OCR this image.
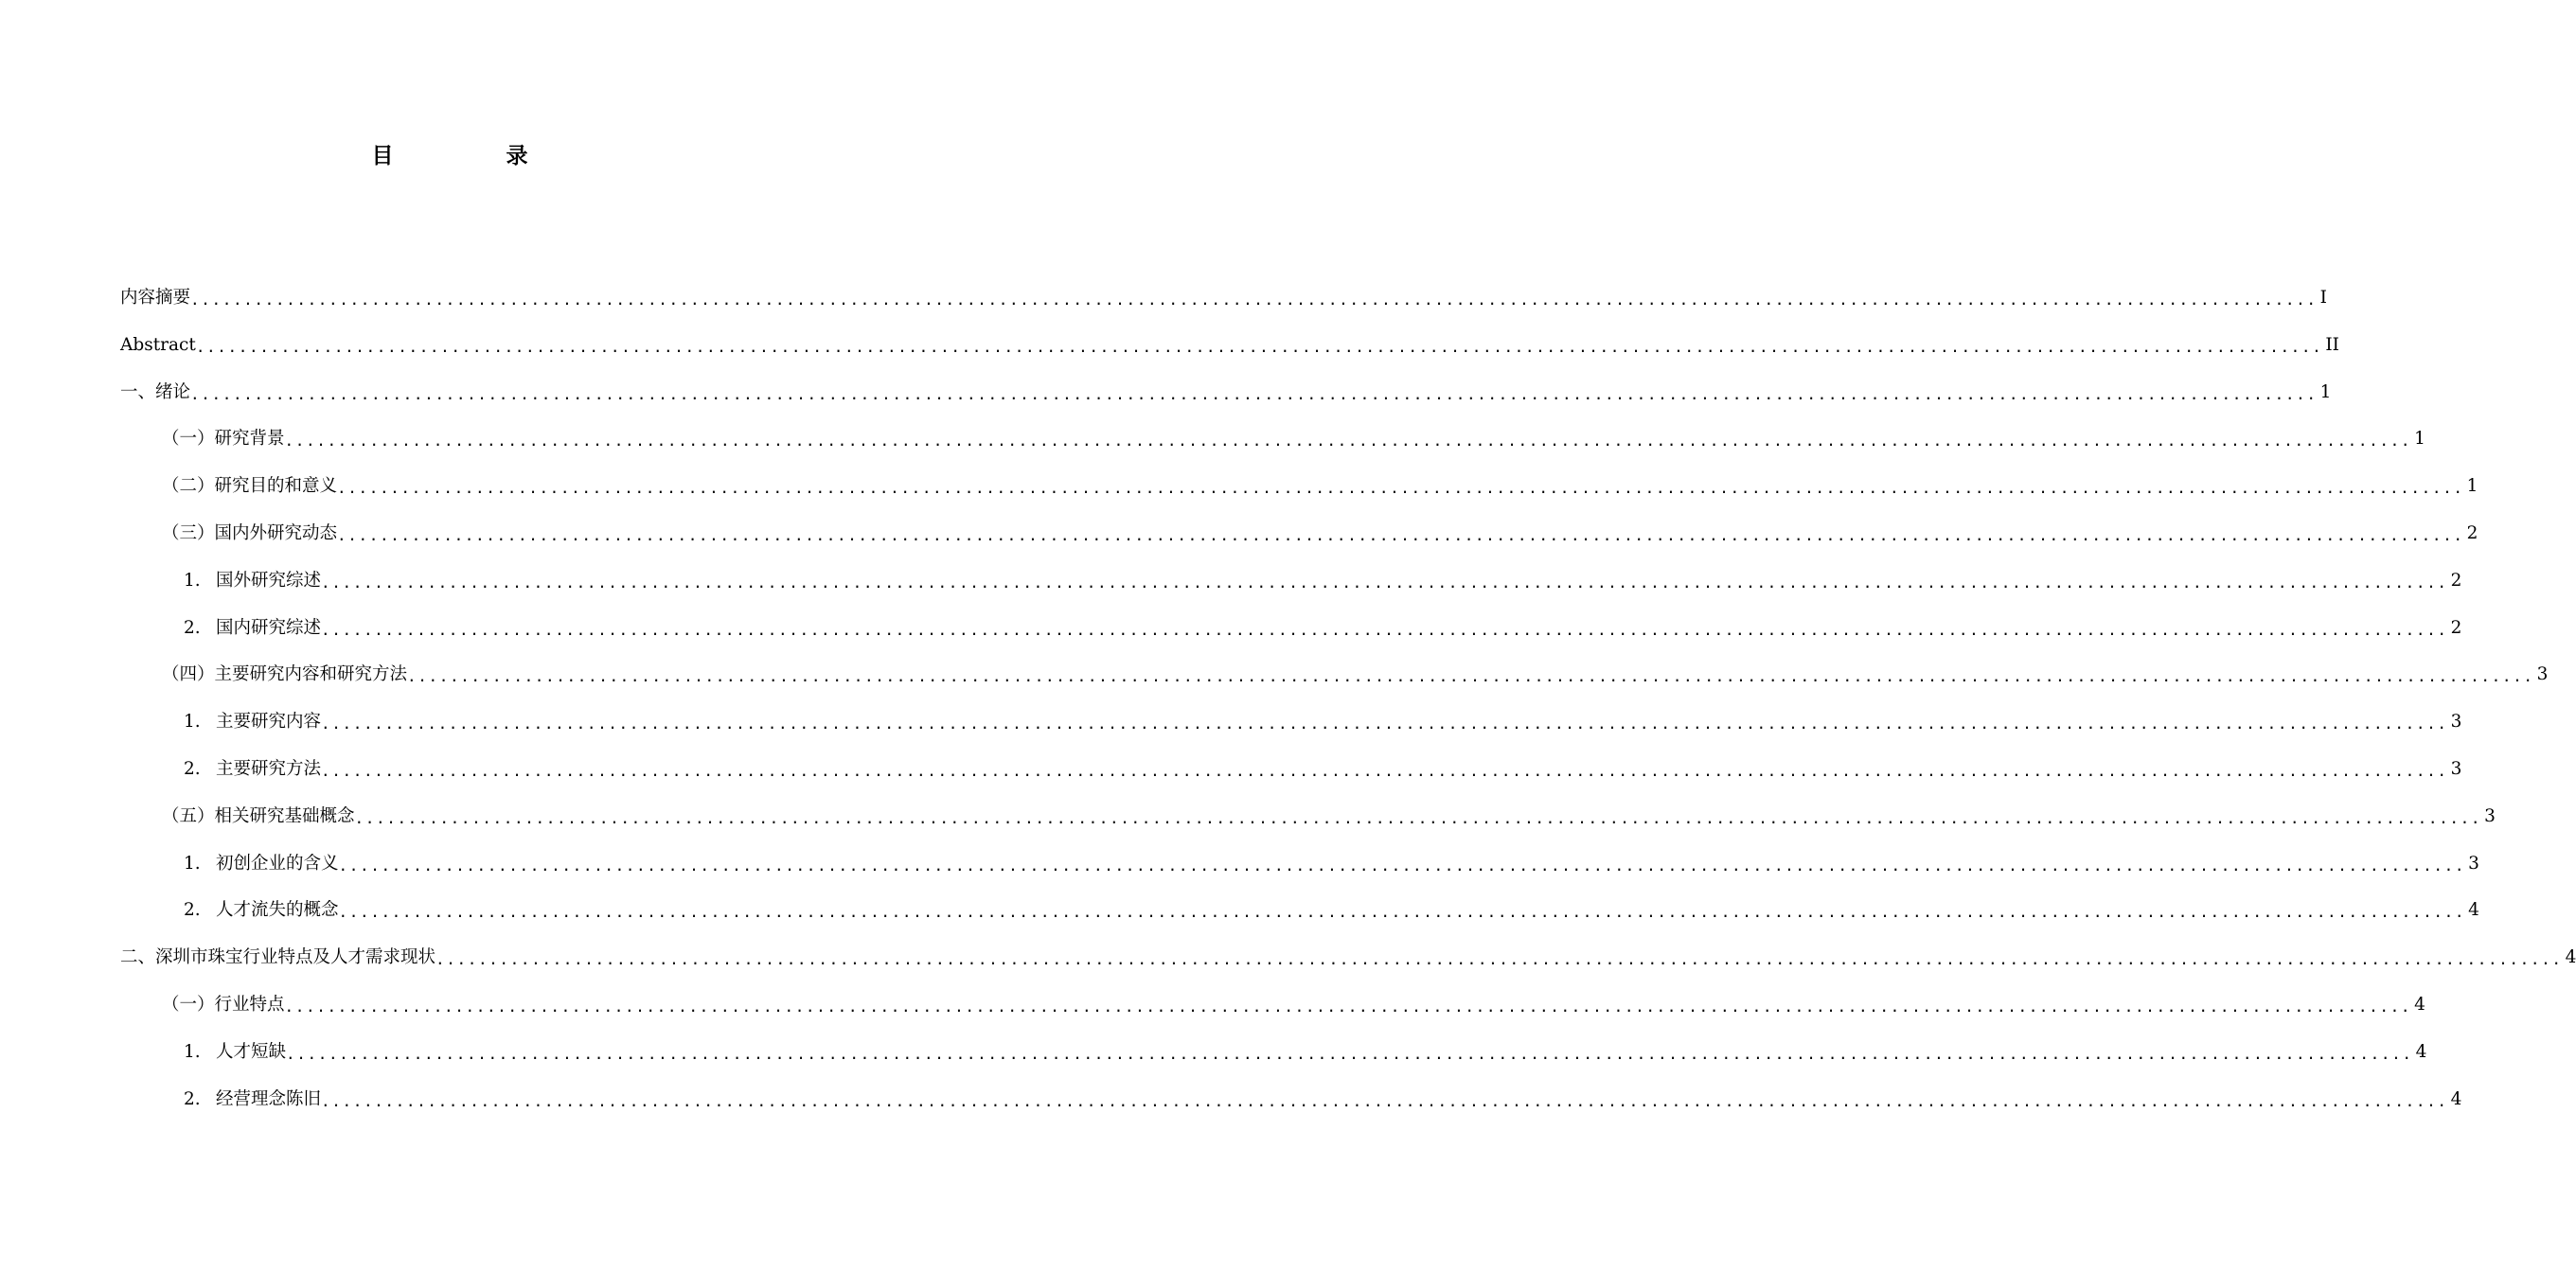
目　录
内容摘要 ........................................................................................................................................................................................................ I
Abstract ........................................................................................................................................................................................................ II
一、绪论 ........................................................................................................................................................................................................ 1
（一）研究背景 ........................................................................................................................................................................................................ 1
（二）研究目的和意义 ........................................................................................................................................................................................................ 1
（三）国内外研究动态 ........................................................................................................................................................................................................ 2
1. 国外研究综述 ........................................................................................................................................................................................................ 2
2. 国内研究综述 ........................................................................................................................................................................................................ 2
（四）主要研究内容和研究方法 ........................................................................................................................................................................................................ 3
1. 主要研究内容 ........................................................................................................................................................................................................ 3
2. 主要研究方法 ........................................................................................................................................................................................................ 3
（五）相关研究基础概念 ........................................................................................................................................................................................................ 3
1. 初创企业的含义 ........................................................................................................................................................................................................ 3
2. 人才流失的概念 ........................................................................................................................................................................................................ 4
二、深圳市珠宝行业特点及人才需求现状 ........................................................................................................................................................................................................ 4
（一）行业特点 ........................................................................................................................................................................................................ 4
1. 人才短缺 ........................................................................................................................................................................................................ 4
2. 经营理念陈旧 ........................................................................................................................................................................................................ 4
